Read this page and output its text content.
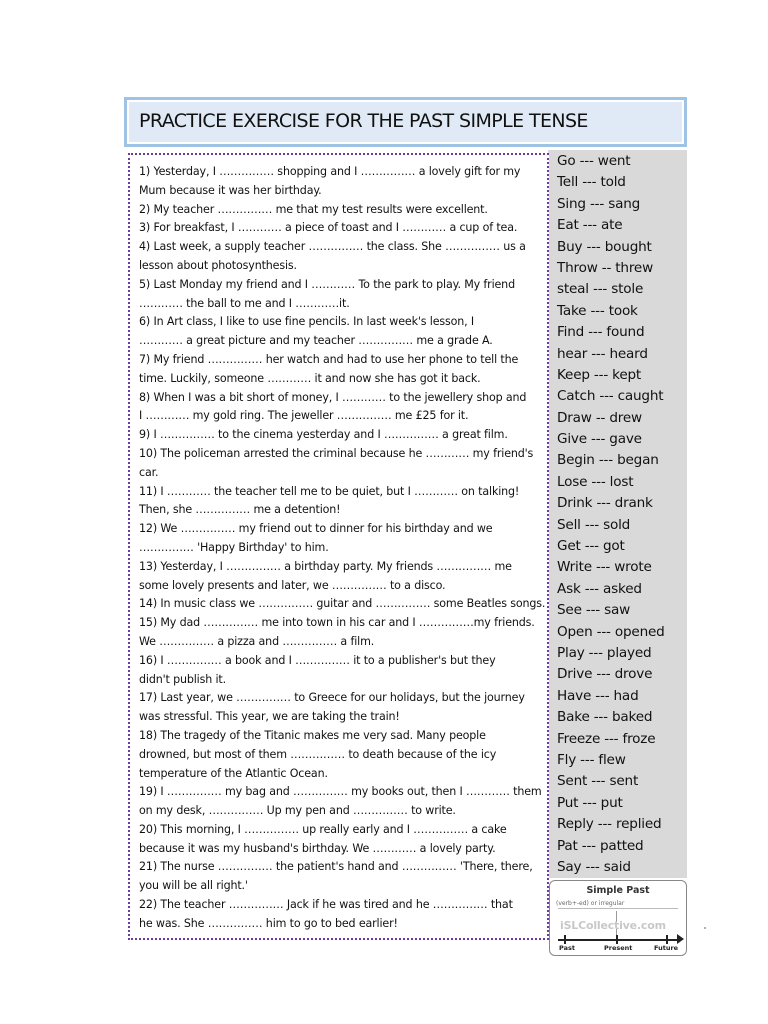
PRACTICE EXERCISE FOR THE PAST SIMPLE TENSE
1) Yesterday, I …………… shopping and I …………… a lovely gift for my
Mum because it was her birthday.
2) My teacher …………… me that my test results were excellent.
3) For breakfast, I ………… a piece of toast and I ………… a cup of tea.
4) Last week, a supply teacher …………… the class. She …………… us a
lesson about photosynthesis.
5) Last Monday my friend and I ………… To the park to play. My friend
………… the ball to me and I …………it.
6) In Art class, I like to use fine pencils. In last week's lesson, I
………… a great picture and my teacher …………… me a grade A.
7) My friend …………… her watch and had to use her phone to tell the
time. Luckily, someone ………… it and now she has got it back.
8) When I was a bit short of money, I ………… to the jewellery shop and
I ………… my gold ring. The jeweller …………… me £25 for it.
9) I …………… to the cinema yesterday and I …………… a great film.
10) The policeman arrested the criminal because he ………… my friend's
car.
11) I ………… the teacher tell me to be quiet, but I ………… on talking!
Then, she …………… me a detention!
12) We …………… my friend out to dinner for his birthday and we
…………… 'Happy Birthday' to him.
13) Yesterday, I …………… a birthday party. My friends …………… me
some lovely presents and later, we …………… to a disco.
14) In music class we …………… guitar and …………… some Beatles songs.
15) My dad …………… me into town in his car and I ……………my friends.
We …………… a pizza and …………… a film.
16) I …………… a book and I …………… it to a publisher's but they
didn't publish it.
17) Last year, we …………… to Greece for our holidays, but the journey
was stressful. This year, we are taking the train!
18) The tragedy of the Titanic makes me very sad. Many people
drowned, but most of them …………… to death because of the icy
temperature of the Atlantic Ocean.
19) I …………… my bag and …………… my books out, then I ………… them
on my desk, …………… Up my pen and …………… to write.
20) This morning, I …………… up really early and I …………… a cake
because it was my husband's birthday. We ………… a lovely party.
21) The nurse …………… the patient's hand and …………… 'There, there,
you will be all right.'
22) The teacher …………… Jack if he was tired and he …………… that
he was. She …………… him to go to bed earlier!
Go --- went
Tell --- told
Sing --- sang
Eat --- ate
Buy --- bought
Throw -- threw
steal --- stole
Take --- took
Find --- found
hear --- heard
Keep --- kept
Catch --- caught
Draw -- drew
Give --- gave
Begin --- began
Lose --- lost
Drink --- drank
Sell --- sold
Get --- got
Write --- wrote
Ask --- asked
See --- saw
Open --- opened
Play --- played
Drive --- drove
Have --- had
Bake --- baked
Freeze --- froze
Fly --- flew
Sent --- sent
Put --- put
Reply --- replied
Pat --- patted
Say --- said
Simple Past
(verb+-ed) or irregular
iSLCollective.com
Past	Present	Future
